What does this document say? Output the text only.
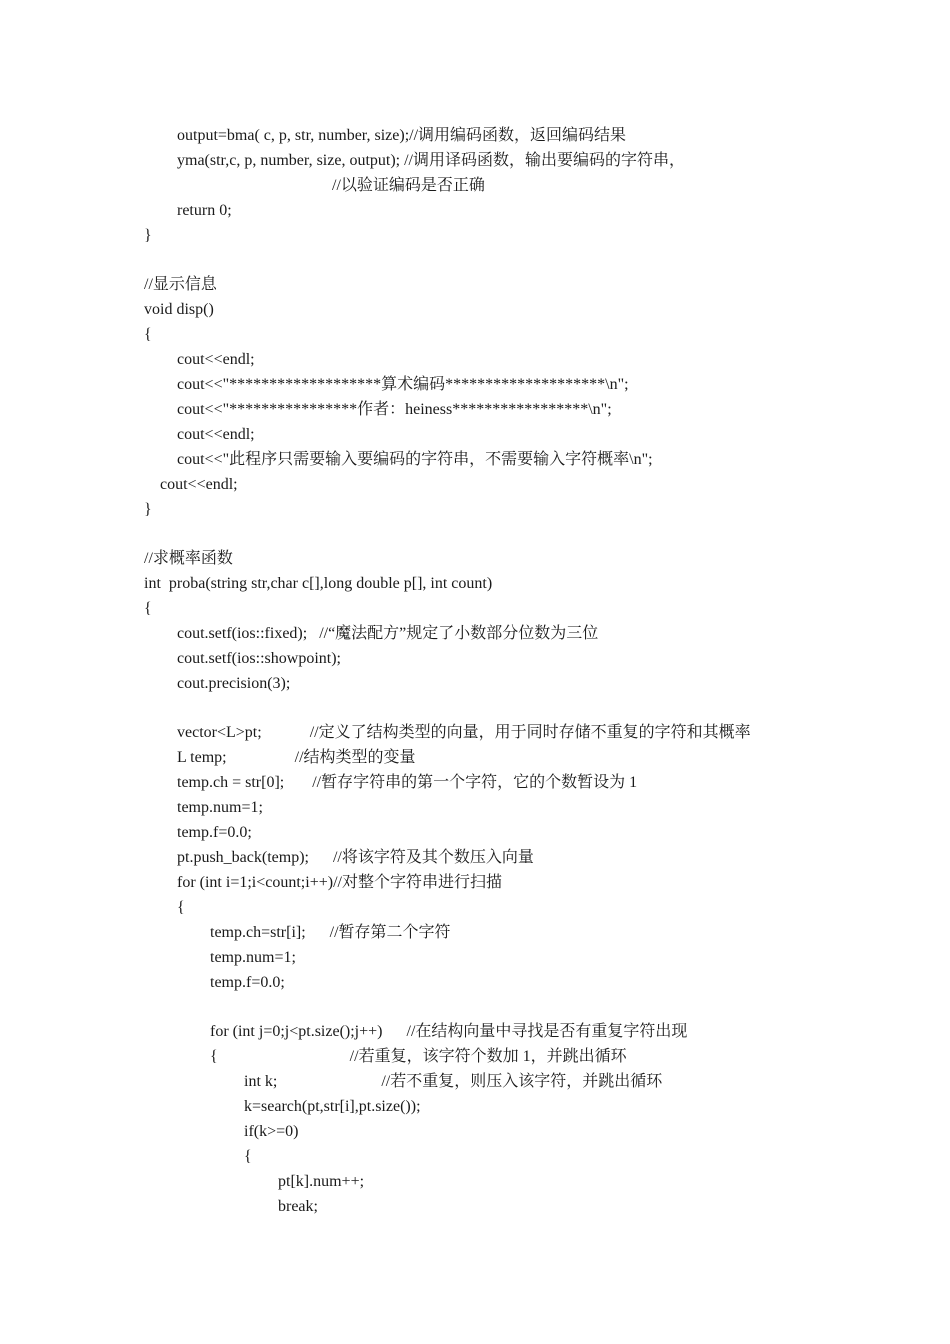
output=bma( c, p, str, number, size);//调用编码函数，返回编码结果
yma(str,c, p, number, size, output); //调用译码函数，输出要编码的字符串，
//以验证编码是否正确
return 0;
}
//显示信息
void disp()
{
cout<<endl;
cout<<"*******************算术编码********************\n";
cout<<"****************作者：heiness*****************\n";
cout<<endl;
cout<<"此程序只需要输入要编码的字符串，不需要输入字符概率\n";
cout<<endl;
}
//求概率函数
int  proba(string str,char c[],long double p[], int count)
{
cout.setf(ios::fixed);   //“魔法配方”规定了小数部分位数为三位
cout.setf(ios::showpoint);
cout.precision(3);
vector<L>pt;            //定义了结构类型的向量，用于同时存储不重复的字符和其概率
L temp;                 //结构类型的变量
temp.ch = str[0];       //暂存字符串的第一个字符，它的个数暂设为 1
temp.num=1;
temp.f=0.0;
pt.push_back(temp);      //将该字符及其个数压入向量
for (int i=1;i<count;i++)//对整个字符串进行扫描
{
temp.ch=str[i];      //暂存第二个字符
temp.num=1;
temp.f=0.0;
for (int j=0;j<pt.size();j++)      //在结构向量中寻找是否有重复字符出现
{                                 //若重复，该字符个数加 1，并跳出循环
int k;                          //若不重复，则压入该字符，并跳出循环
k=search(pt,str[i],pt.size());
if(k>=0)
{
pt[k].num++;
break;
